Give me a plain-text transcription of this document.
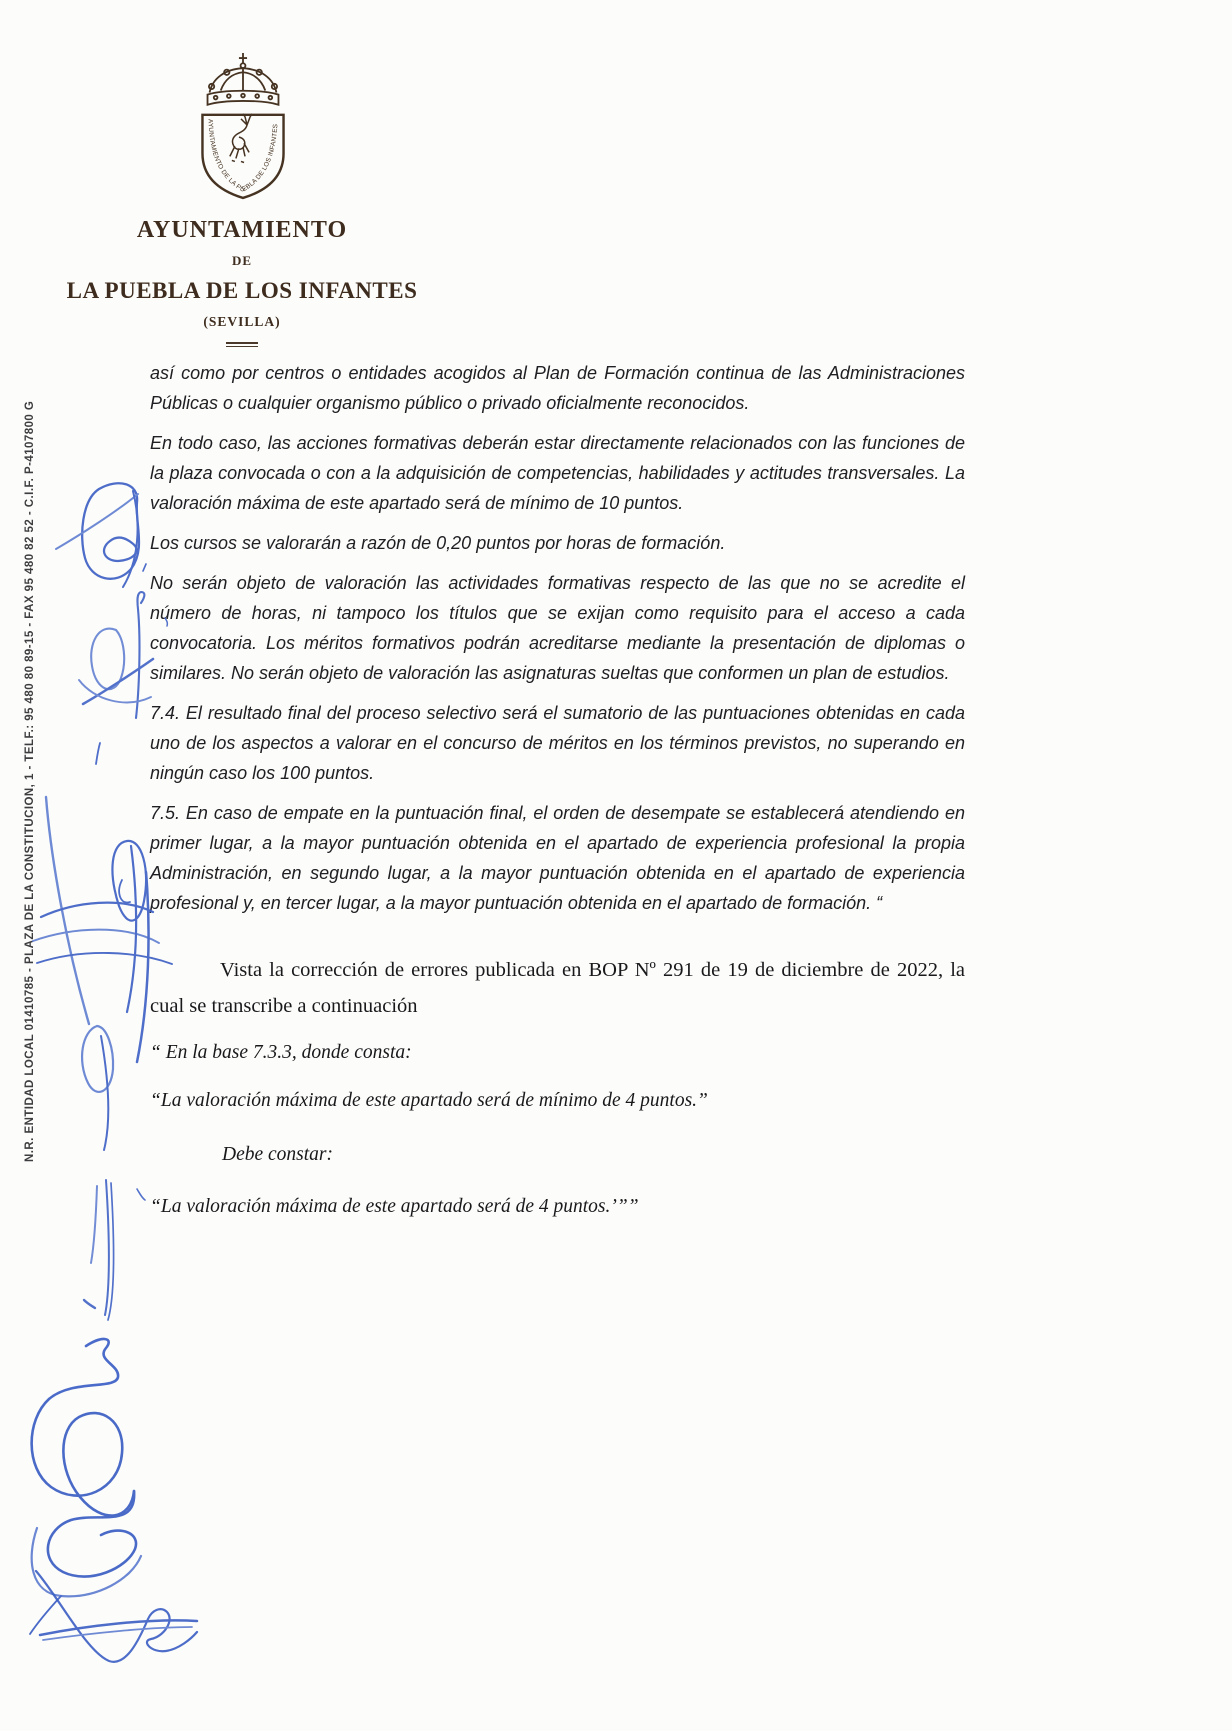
AYUNTAMIENTO DE LA PUEBLA DE LOS INFANTES
AYUNTAMIENTO
DE
LA PUEBLA DE LOS INFANTES
(SEVILLA)
N.R. ENTIDAD LOCAL 01410785 - PLAZA DE LA CONSTITUCION, 1 - TELF.: 95 480 80 89-15 - FAX 95 480 82 52 - C.I.F. P-4107800 G

así como por centros o entidades acogidos al Plan de Formación continua de las Administraciones Públicas o cualquier organismo público o privado oficialmente reconocidos.

En todo caso, las acciones formativas deberán estar directamente relacionados con las funciones de la plaza convocada o con a la adquisición de competencias, habilidades y actitudes transversales. La valoración máxima de este apartado será de mínimo de 10 puntos.

Los cursos se valorarán a razón de 0,20 puntos por horas de formación.

No serán objeto de valoración las actividades formativas respecto de las que no se acredite el número de horas, ni tampoco los títulos que se exijan como requisito para el acceso a cada convocatoria. Los méritos formativos podrán acreditarse mediante la presentación de diplomas o similares. No serán objeto de valoración las asignaturas sueltas que conformen un plan de estudios.

7.4. El resultado final del proceso selectivo será el sumatorio de las puntuaciones obtenidas en cada uno de los aspectos a valorar en el concurso de méritos en los términos previstos, no superando en ningún caso los 100 puntos.

7.5. En caso de empate en la puntuación final, el orden de desempate se establecerá atendiendo en primer lugar, a la mayor puntuación obtenida en el apartado de experiencia profesional la propia Administración, en segundo lugar, a la mayor puntuación obtenida en el apartado de experiencia profesional y, en tercer lugar, a la mayor puntuación obtenida en el apartado de formación. “

Vista la corrección de errores publicada en BOP Nº 291 de 19 de diciembre de 2022, la cual se transcribe a continuación

“ En la base 7.3.3, donde consta:

“La valoración máxima de este apartado será de mínimo de 4 puntos.”

Debe constar:

“La valoración máxima de este apartado será de 4 puntos.’””
